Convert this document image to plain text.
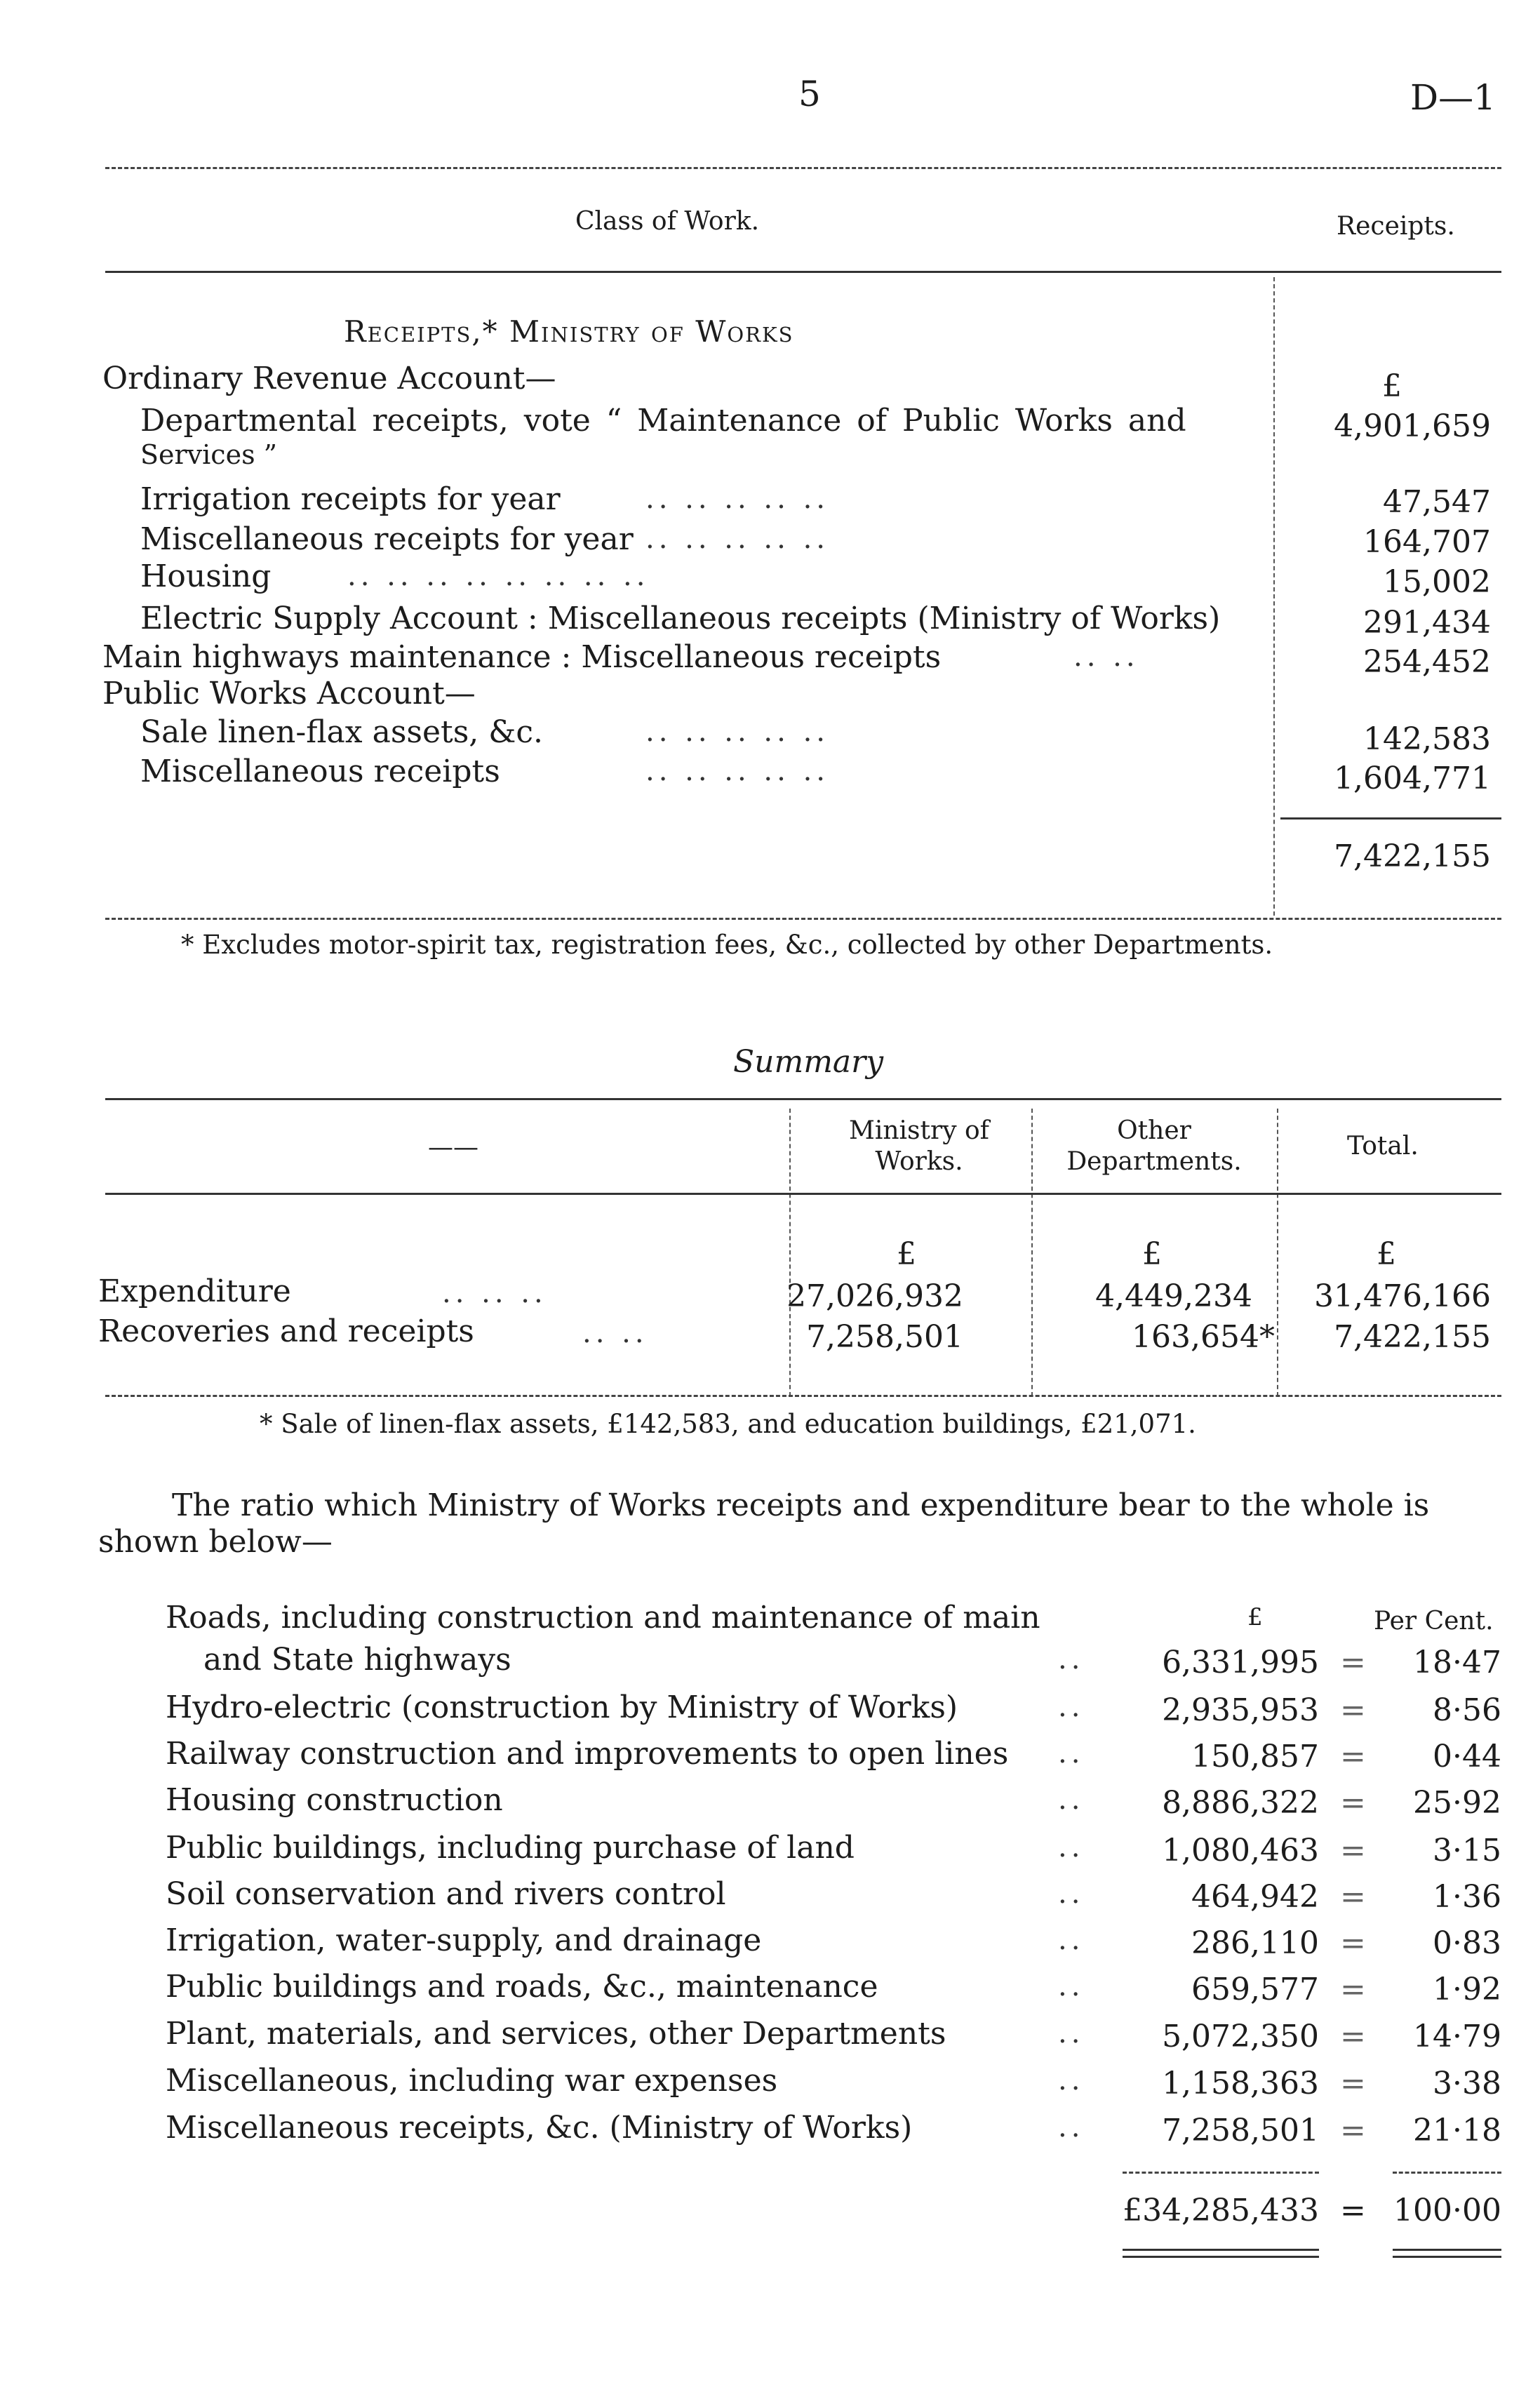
5	D—1
Class of Work.	Receipts.
Receipts,* Ministry of Works
£
Ordinary Revenue Account—
Departmental receipts, vote “ Maintenance of Public Works and
Services ”
4,901,659
Irrigation receipts for year	.. .. .. .. ..	47,547
Miscellaneous receipts for year .. .. .. .. ..	164,707
Housing	.. .. .. .. .. .. .. ..	15,002
Electric Supply Account : Miscellaneous receipts (Ministry of Works)	291,434
Main highways maintenance : Miscellaneous receipts	.. ..	254,452
Public Works Account—
Sale linen-flax assets, &c.	.. .. .. .. ..	142,583
Miscellaneous receipts	.. .. .. .. ..	1,604,771
7,422,155
* Excludes motor-spirit tax, registration fees, &c., collected by other Departments.
Summary
——
Ministry of
Works.
Other
Departments.
Total.
£	£	£
Expenditure	.. .. ..	27,026,932	4,449,234 31,476,166
Recoveries and receipts	.. ..	7,258,501	163,654* 7,422,155
* Sale of linen-flax assets, £142,583, and education buildings, £21,071.
The ratio which Ministry of Works receipts and expenditure bear to the whole is
shown below—
£	Per Cent.
Roads, including construction and maintenance of main
and State highways	..	6,331,995 = 18·47
Hydro-electric (construction by Ministry of Works)	..	2,935,953 = 8·56
Railway construction and improvements to open lines ..	150,857 = 0·44
Housing construction	..	8,886,322 = 25·92
Public buildings, including purchase of land	..	1,080,463 = 3·15
Soil conservation and rivers control	..	464,942 = 1·36
Irrigation, water-supply, and drainage	..	286,110 = 0·83
Public buildings and roads, &c., maintenance	..	659,577 = 1·92
Plant, materials, and services, other Departments	..	5,072,350 = 14·79
Miscellaneous, including war expenses	..	1,158,363 = 3·38
Miscellaneous receipts, &c. (Ministry of Works)	..	7,258,501 = 21·18
£34,285,433 = 100·00
